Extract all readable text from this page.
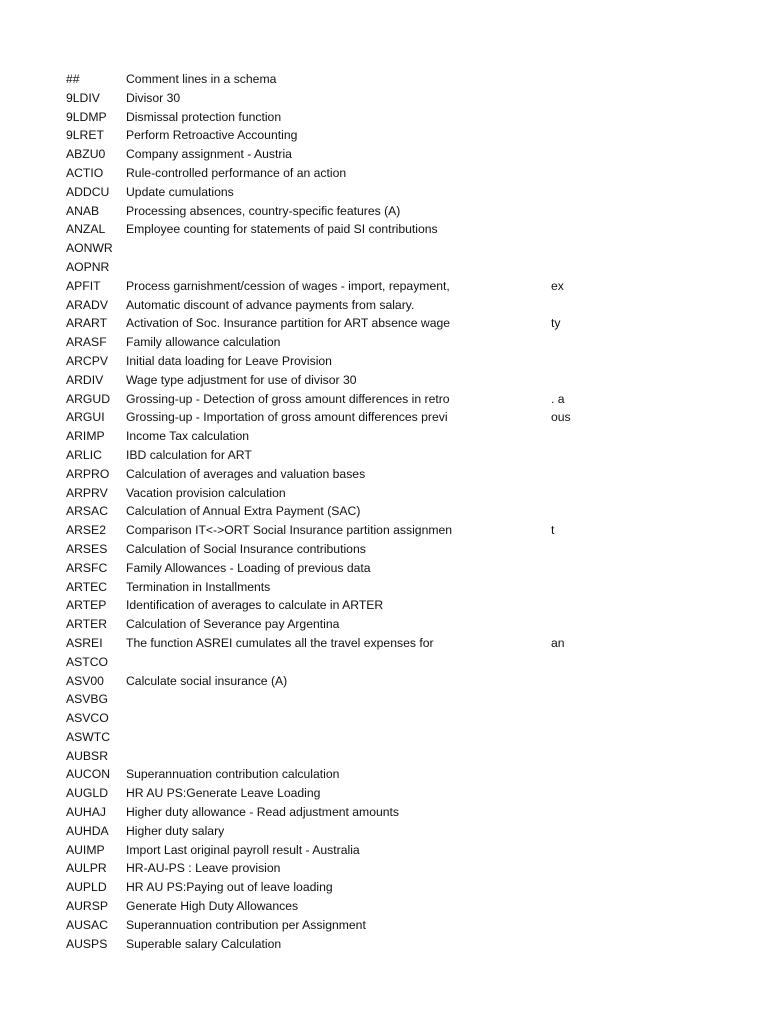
##	Comment lines in a schema
9LDIV	Divisor 30
9LDMP	Dismissal protection function
9LRET	Perform Retroactive Accounting
ABZU0	Company assignment - Austria
ACTIO	Rule-controlled performance of an action
ADDCU	Update cumulations
ANAB	Processing absences, country-specific features (A)
ANZAL	Employee counting for statements of paid SI contributions
AONWR
AOPNR
APFIT	Process garnishment/cession of wages - import, repayment,	ex
ARADV	Automatic discount of advance payments from salary.
ARART	Activation of Soc. Insurance partition for ART absence wage	ty
ARASF	Family allowance calculation
ARCPV	Initial data loading for Leave Provision
ARDIV	Wage type adjustment for use of divisor 30
ARGUD	Grossing-up - Detection of gross amount differences in retro	. a
ARGUI	Grossing-up - Importation of gross amount differences previ	ous
ARIMP	Income Tax calculation
ARLIC	IBD calculation for ART
ARPRO	Calculation of averages and valuation bases
ARPRV	Vacation provision calculation
ARSAC	Calculation of Annual Extra Payment (SAC)
ARSE2	Comparison IT<->ORT Social Insurance partition assignmen	t
ARSES	Calculation of Social Insurance contributions
ARSFC	Family Allowances - Loading of previous data
ARTEC	Termination in Installments
ARTEP	Identification of averages to calculate in ARTER
ARTER	Calculation of Severance pay Argentina
ASREI	The function ASREI cumulates all the travel expenses for	an
ASTCO
ASV00	Calculate social insurance (A)
ASVBG
ASVCO
ASWTC
AUBSR
AUCON	Superannuation contribution calculation
AUGLD	HR AU PS:Generate Leave Loading
AUHAJ	Higher duty allowance - Read adjustment amounts
AUHDA	Higher duty salary
AUIMP	Import Last original payroll result - Australia
AULPR	HR-AU-PS : Leave provision
AUPLD	HR AU PS:Paying out of leave loading
AURSP	Generate High Duty Allowances
AUSAC	Superannuation contribution per Assignment
AUSPS	Superable salary Calculation
